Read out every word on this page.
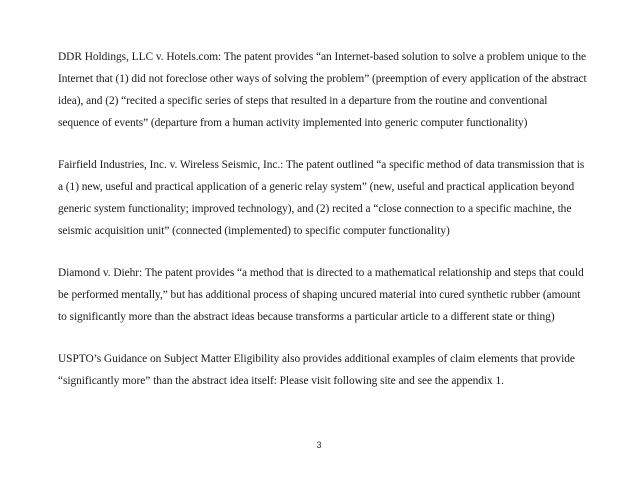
DDR Holdings, LLC v. Hotels.com: The patent provides “an Internet-based solution to solve a problem unique to the Internet that (1) did not foreclose other ways of solving the problem” (preemption of every application of the abstract idea), and (2) “recited a specific series of steps that resulted in a departure from the routine and conventional sequence of events” (departure from a human activity implemented into generic computer functionality)

Fairfield Industries, Inc. v. Wireless Seismic, Inc.: The patent outlined “a specific method of data transmission that is a (1) new, useful and practical application of a generic relay system” (new, useful and practical application beyond generic system functionality; improved technology), and (2) recited a “close connection to a specific machine, the seismic acquisition unit” (connected (implemented) to specific computer functionality)

Diamond v. Diehr: The patent provides “a method that is directed to a mathematical relationship and steps that could be performed mentally,” but has additional process of shaping uncured material into cured synthetic rubber (amount to significantly more than the abstract ideas because transforms a particular article to a different state or thing)

USPTO’s Guidance on Subject Matter Eligibility also provides additional examples of claim elements that provide “significantly more” than the abstract idea itself: Please visit following site and see the appendix 1.

3
